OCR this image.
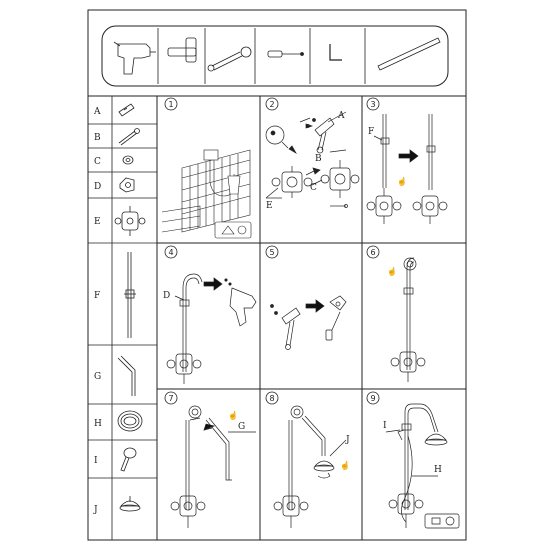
A
B
C
D
E
F
G
H
I
J
1	2	3
4	5	6
7	8	9
A
B
C
E
☝
F
D
☝
☝
G
☝
J
I
H
